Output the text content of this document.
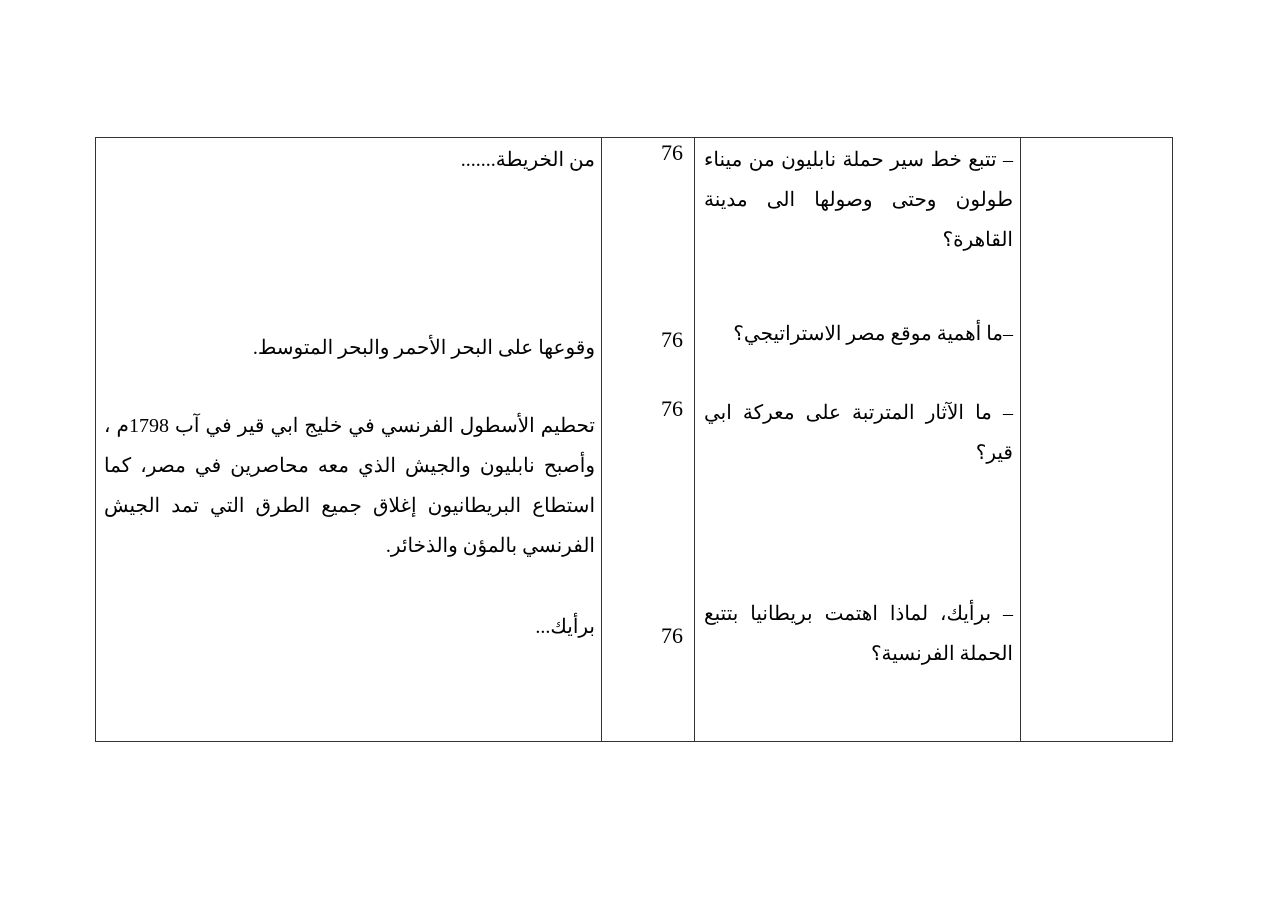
– تتبع خط سير حملة نابليون من ميناء طولون وحتى وصولها الى مدينة القاهرة؟
–ما أهمية موقع مصر الاستراتيجي؟
– ما الآثار المترتبة على معركة ابي قير؟
– برأيك، لماذا اهتمت بريطانيا بتتبع الحملة الفرنسية؟
76
76
76
76
من الخريطة.......
وقوعها على البحر الأحمر والبحر المتوسط.
تحطيم الأسطول الفرنسي في خليج ابي قير في آب 1798م ، وأصبح نابليون والجيش الذي معه محاصرين في مصر، كما استطاع البريطانيون إغلاق جميع الطرق التي تمد الجيش الفرنسي بالمؤن والذخائر.
برأيك...
